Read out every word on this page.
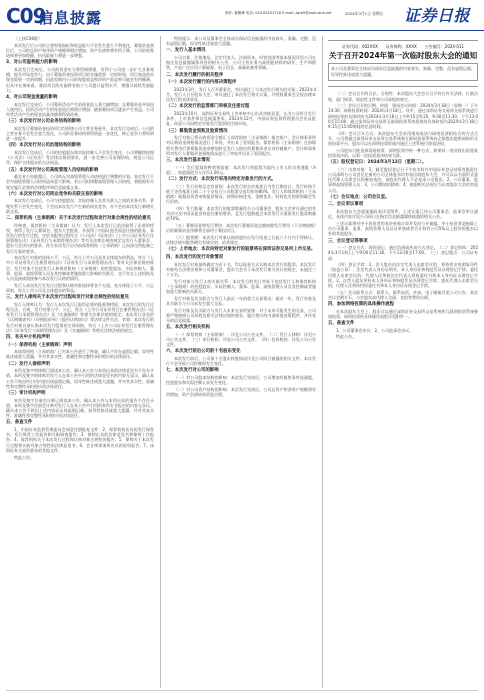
C09
信息披露	制作: 董聚峰 电话: 010-83251716 E-mail: zqrb9@zqrb.sina.net	2024年3月1日 星期五 证券日报

（上接C08版）

本次发行后公司的主要财务指标和收益能力不会发生重大不利变化，募集资金到位后，公司的总资产和净资产规模将相应增加，资产负债率将有所下降，公司的财务结构将更加稳健，抗风险能力将进一步增强。

3、对公司盈利能力的影响

本次发行完成后，公司的资金实力将得到增强，有利于公司进一步扩大业务规模，提升市场竞争力。由于募集资金投资项目的实施需要一定的时间，项目效益的实现也需要一定的周期，因此短期内公司的每股收益和净资产收益率可能会有所摊薄。但从中长期来看，募投项目的实施将有助于公司提升盈利水平，增强可持续发展能力。

4、对公司现金流量的影响

本次发行完成后，公司筹资活动产生的现金流入将大幅增加；在募集资金开始投入使用后，投资活动产生的现金流出将相应增加；随着募投项目逐步产生效益，公司经营活动产生的现金流量净额将得到改善。

（三）本次发行对公司业务结构的影响

本次发行募集资金投资项目均围绕公司主营业务展开，本次发行完成后，公司的主营业务不会发生重大变化，公司的业务结构将得到进一步优化，核心竞争力将得到进一步提升。

（四）本次发行对公司治理结构的影响

本次发行完成后，公司的控股股东和实际控制人不会发生变化，公司将继续按照《公司法》《证券法》等法律法规的要求，进一步完善公司治理结构，规范公司运作，保护全体股东的合法权益。

（五）本次发行对公司高级管理人员结构的影响

截至本公告披露日，公司尚无对高级管理人员结构进行调整的计划。本次发行不会对高级管理人员结构造成重大影响。若公司拟调整高级管理人员结构，将根据有关规定履行必要的法律程序和信息披露义务。

（六）本次发行对公司同业竞争和关联交易的影响

本次发行完成后，公司与控股股东、实际控制人及其关联人之间的业务关系、管理关系不会发生变化，不会因本次发行产生新的同业竞争，亦不会因本次发行新增关联交易。

二、保荐机构（主承销商）关于本次发行过程和发行对象合规性的结论意见

经核查，保荐机构（主承销商）认为：发行人本次发行已依法取得了必要的授权，获得了发行人董事会、股东大会批准，并获得了中国证监会同意注册的批复。本次发行的发行过程、定价及配售过程符合《公司法》《证券法》《上市公司证券发行注册管理办法》《证券发行与承销管理办法》等有关法律法规的规定及发行人董事会、股东大会决议的要求，符合本次发行启动前保荐机构（主承销商）已向深交所报备之发行方案的要求。

本次发行对象的选择公平、公正，符合上市公司及其全体股东的利益，符合《上市公司证券发行注册管理办法》《证券发行与承销管理办法》等有关法律法规的规定。发行对象不包括发行人和保荐机构（主承销商）的控股股东、实际控制人、董事、监事、高级管理人员及其控制或者施加重大影响的关联方，也不存在上述机构及人员直接或间接参与本次发行认购的情形。

发行人本次发行在发行过程和认购对象选择等各个方面，充分体现了公平、公正原则，符合上市公司及全体股东的利益。

三、发行人律师关于本次发行过程和发行对象合规性的结论意见

发行人律师认为：发行人本次发行已取得必要的批准和授权；本次发行的发行过程合法、合规，发行结果公平、公正，符合《上市公司证券发行注册管理办法》《证券发行与承销管理办法》及《实施细则》等相关法律法规的规定；本次发行涉及的《认购邀请书》《申购报价单》《股份认购协议》等法律文件合法、有效；本次发行的发行对象具备认购本次发行股票的主体资格，符合《上市公司证券发行注册管理办法》《证券发行与承销管理办法》及《实施细则》等相关法律法规的规定。

四、有关中介机构声明

（一）保荐机构（主承销商）声明

本保荐机构（主承销商）已对本公告进行了核查，确认不存在虚假记载、误导性陈述或重大遗漏，并对其真实性、准确性和完整性承担相应的法律责任。

（二）发行人律师声明

本所及签字的律师已阅读本公告，确认本公告与本所出具的法律意见书不存在矛盾。本所及签字的律师对发行人在本公告中引用的法律意见书的内容无异议，确认本公告不致因所引用内容出现虚假记载、误导性陈述或重大遗漏，并对其真实性、准确性和完整性承担相应的法律责任。

（三）审计机构声明

本所及签字注册会计师已阅读本公告，确认本公告与本所出具的报告不存在矛盾。本所及签字注册会计师对发行人在本公告中引用的本所专业报告的内容无异议，确认本公告不致因上述内容而出现虚假记载、误导性陈述或重大遗漏，并对其真实性、准确性和完整性承担相应的法律责任。

五、备查文件

1、中国证券监督管理委员会同意注册批复文件；2、保荐机构出具的发行保荐书、发行保荐工作报告和尽职调查报告；3、律师出具的法律意见书和律师工作报告；4、保荐机构关于本次发行过程和认购对象合规性的报告；5、律师关于本次发行过程和认购对象合规性的法律意见书；6、会计师事务所出具的验资报告；7、深圳证券交易所要求的其他文件。

特此公告。

特别提示：本公司及董事会全体成员保证信息披露的内容真实、准确、完整，没有虚假记载、误导性陈述或重大遗漏。

一、发行人基本情况

公司名称、注册地址、法定代表人、注册资本、经营范围等基本情况详见公司在指定信息披露媒体刊登的相关公告。公司主营业务为高性能材料的研发、生产和销售，产品广泛应用于新能源、电子信息、高端装备等领域。

二、本次发行履行的相关程序

（一）本次发行履行的内部决策程序

2023年3月，发行人召开董事会，审议通过了与本次发行相关的议案；2023年4月，发行人召开股东大会，审议通过了本次发行相关议案，并授权董事会全权办理本次发行的具体事宜。

（二）本次发行的监管部门审核及注册过程

2023年10月，深圳证券交易所上市审核中心出具审核意见，认为公司符合发行条件、上市条件和信息披露要求。2023年12月，中国证券监督管理委员会出具批复，同意公司向特定对象发行股票的注册申请。

（三）募集资金到账及验资情况

发行对象已将认购资金全额汇入保荐机构（主承销商）指定账户。会计师事务所对认购资金到账情况进行了审验，并出具了验资报告。保荐机构（主承销商）在扣除相关费用后将募集资金余额划转至发行人指定的募集资金专项存储账户，会计师事务所对发行人募集资金到账情况进行了审验并出具了验资报告。

三、本次发行基本情况

（一）发行股票的种类和面值：本次发行的股票为境内上市人民币普通股（A股），每股面值为人民币1.00元。

（二）发行方式：本次发行采用向特定对象发行的方式。

（三）发行价格及定价原则：本次发行的定价基准日为发行期首日，发行价格不低于定价基准日前二十个交易日公司股票交易均价的80%。发行人和保荐机构（主承销商）根据投资者申购报价情况，按照价格优先、金额优先、时间优先的原则确定发行价格。

（四）发行数量：本次发行的股票数量符合公司董事会、股东大会审议通过的有关决议及中国证监会同意注册的要求，且发行股数超过本次发行方案拟发行股票数量的70%。

（五）募集资金和发行费用：本次发行募集资金总额扣除发行费用（不含增值税）后的募集资金净额将全部用于募投项目。

（六）限售期：本次发行对象认购的股份自发行结束之日起六个月内不得转让。法律法规对限售期另有规定的，依其规定。

（七）上市地点：本次向特定对象发行的股票将在深圳证券交易所上市交易。

四、本次发行的发行对象情况

本次发行对象最终确定为若干名，均以现金方式认购本次发行的股票。本次发行对象符合法律法规和公司董事会、股东大会关于本次发行相关决议的规定，未超过三十五名。

发行对象与发行人的关联关系：本次发行的发行对象不包括发行人和保荐机构（主承销商）的控股股东、实际控制人、董事、监事、高级管理人员及其控制或者施加重大影响的关联方。

发行对象及其关联方与发行人最近一年的重大交易情况：最近一年，发行对象及其关联方与公司未发生重大交易。

发行对象及其关联方与发行人未来交易的安排：对于未来可能发生的交易，公司将严格按照公司章程及相关法律法规的要求，履行相应的内部审批决策程序，并作充分的信息披露。

五、本次发行相关机构

（一）保荐机构（主承销商）：详见公司公告文件。（二）发行人律师：详见公司公告文件。（三）审计机构：详见公司公告文件。（四）验资机构：详见公司公告文件。

六、本次发行前后公司前十名股东变化

本次发行前后，公司前十名股东持股情况详见公司同日披露的相关文件。本次发行不会导致公司控制权发生变化。

七、本次发行对公司的影响

（一）对公司股本结构的影响：本次发行完成后，公司增加有限售条件流通股，控股股东和实际控制人未发生变化。

（二）对公司资产结构的影响：本次发行完成后，公司总资产和净资产规模将有所增加，资产负债结构更趋合理。

证券代码：002XXX　　证券简称：XXXX　　公告编号：2024-011
关于召开2024年第一次临时股东大会的通知

本公司及董事会全体成员保证信息披露的内容真实、准确、完整，没有虚假记载、误导性陈述或重大遗漏。

（二）会议召开的合法、合规性：本次股东大会会议召开符合有关法律、行政法规、部门规章、规范性文件和公司章程的规定。

（三）会议召开的日期、时间：现场会议时间：2024年3月18日（星期一）下午14:30；网络投票时间：2024年3月18日。其中，通过深圳证券交易所交易系统进行网络投票的具体时间为2024年3月18日上午9:15至9:25，9:30至11:30，下午13:00至15:00；通过深圳证券交易所互联网投票系统投票的具体时间为2024年3月18日9:15至15:00期间的任意时间。

（四）会议召开方式：本次股东大会采用现场表决与网络投票相结合的方式召开。公司将通过深圳证券交易所交易系统和互联网投票系统向全体股东提供网络形式的投票平台，股东可以在网络投票时间内通过上述系统行使表决权。

公司股东只能选择现场投票、网络投票中的一种方式，如果同一表决权出现重复投票表决的，以第一次投票表决结果为准。

（五）股权登记日：2024年3月12日（星期二）。

（六）出席对象：1、截至股权登记日下午收市时在中国证券登记结算有限责任公司深圳分公司登记在册的公司全体股东均有权出席股东大会，并可以以书面形式委托代理人出席会议和参加表决，该股东代理人不必是本公司股东；2、公司董事、监事和高级管理人员；3、公司聘请的律师；4、根据相关法规应当出席股东大会的其他人员。

（七）会议地点：公司会议室。

二、会议审议事项

本次股东大会提案编码表详见附件。上述议案已经公司董事会、监事会审议通过，具体内容详见公司同日在指定信息披露媒体披露的相关公告。

上述议案将对中小投资者的表决单独计票并及时公开披露。中小投资者是指除上市公司董事、监事、高级管理人员以及单独或者合计持有公司5%以上股份的股东以外的其他股东。

三、会议登记等事项

（一）登记方式：现场登记、通过信函或传真方式登记。（二）登记时间：2024年3月14日上午9:00至11:30，下午13:30至17:00。（三）登记地点：公司证券部。

（四）登记手续：1、法人股东由法定代表人出席会议的，须持营业执照复印件（加盖公章）、法定代表人身份证明书、本人身份证和持股凭证办理登记手续；委托代理人出席会议的，代理人还须持法定代表人授权委托书和本人身份证办理登记手续。2、自然人股东须持本人身份证和持股凭证办理登记手续；委托代理人出席会议的，代理人还须持授权委托书和本人身份证办理登记手续。

（五）会议联系方式：联系人、联系电话、传真、电子邮箱详见公司公告。本次会议会期半天，与会股东或代理人交通、食宿等费用自理。

四、参加网络投票的具体操作流程

在本次股东大会上，股东可以通过深圳证券交易所交易系统和互联网投票系统参加投票，网络投票的具体操作流程详见附件一。

五、备查文件

1、公司董事会决议；2、公司监事会决议。

特此公告。
